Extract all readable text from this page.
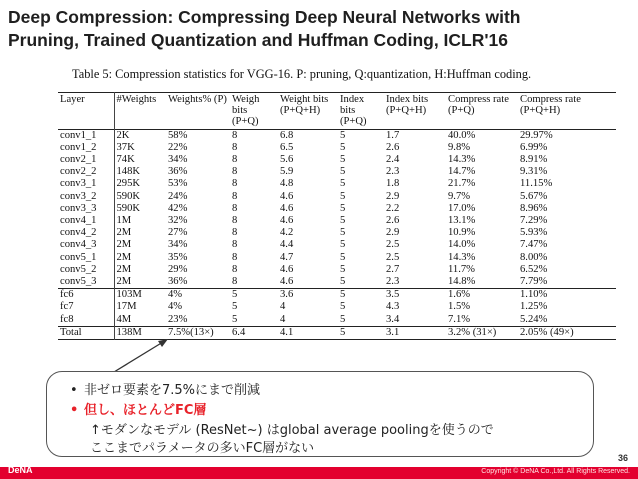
Deep Compression: Compressing Deep Neural Networks with
Pruning, Trained Quantization and Huffman Coding, ICLR'16
Table 5: Compression statistics for VGG-16. P: pruning, Q:quantization, H:Huffman coding.
Layer	#Weights	Weights% (P)	Weigh bits (P+Q)	Weight bits (P+Q+H)	Index bits (P+Q)	Index bits (P+Q+H)	Compress rate (P+Q)	Compress rate (P+Q+H)
conv1_1	2K	58%	8	6.8	5	1.7	40.0%	29.97%
conv1_2	37K	22%	8	6.5	5	2.6	9.8%	6.99%
conv2_1	74K	34%	8	5.6	5	2.4	14.3%	8.91%
conv2_2	148K	36%	8	5.9	5	2.3	14.7%	9.31%
conv3_1	295K	53%	8	4.8	5	1.8	21.7%	11.15%
conv3_2	590K	24%	8	4.6	5	2.9	9.7%	5.67%
conv3_3	590K	42%	8	4.6	5	2.2	17.0%	8.96%
conv4_1	1M	32%	8	4.6	5	2.6	13.1%	7.29%
conv4_2	2M	27%	8	4.2	5	2.9	10.9%	5.93%
conv4_3	2M	34%	8	4.4	5	2.5	14.0%	7.47%
conv5_1	2M	35%	8	4.7	5	2.5	14.3%	8.00%
conv5_2	2M	29%	8	4.6	5	2.7	11.7%	6.52%
conv5_3	2M	36%	8	4.6	5	2.3	14.8%	7.79%
fc6	103M	4%	5	3.6	5	3.5	1.6%	1.10%
fc7	17M	4%	5	4	5	4.3	1.5%	1.25%
fc8	4M	23%	5	4	5	3.4	7.1%	5.24%
Total	138M	7.5%(13×)	6.4	4.1	5	3.1	3.2% (31×)	2.05% (49×)
• 非ゼロ要素を7.5%にまで削減
• 但し、ほとんどFC層
↑モダンなモデル (ResNet~) はglobal average poolingを使うので
ここまでパラメータの多いFC層がない
36
DeNA	Copyright © DeNA Co.,Ltd. All Rights Reserved.
